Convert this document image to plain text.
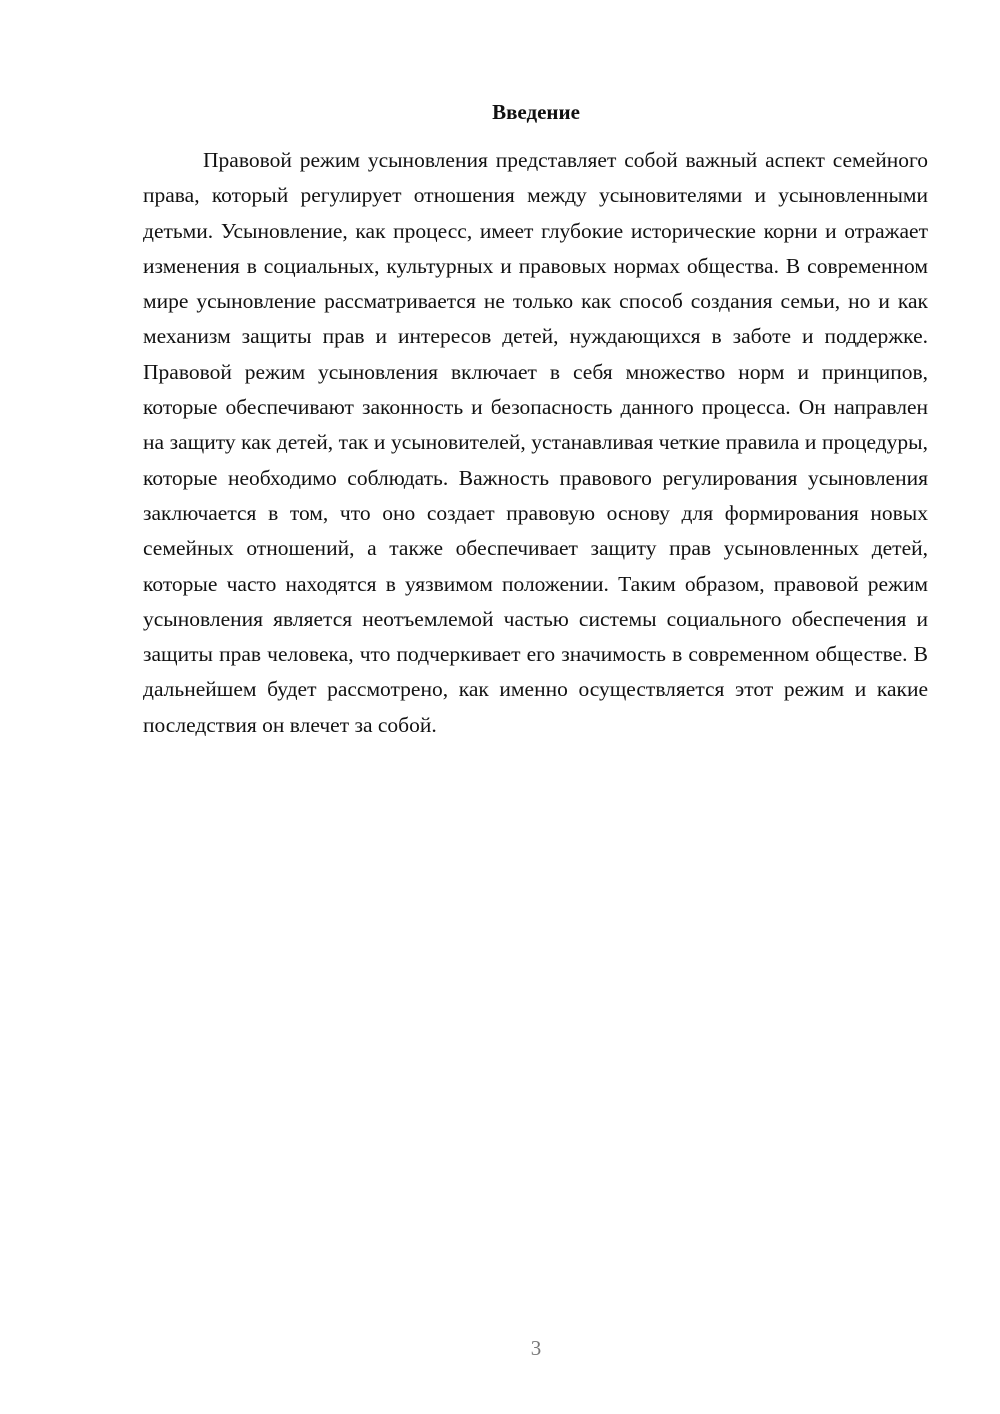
Введение

Правовой режим усыновления представляет собой важный аспект семейного права, который регулирует отношения между усыновителями и усыновленными детьми. Усыновление, как процесс, имеет глубокие исторические корни и отражает изменения в социальных, культурных и правовых нормах общества. В современном мире усыновление рассматривается не только как способ создания семьи, но и как механизм защиты прав и интересов детей, нуждающихся в заботе и поддержке. Правовой режим усыновления включает в себя множество норм и принципов, которые обеспечивают законность и безопасность данного процесса. Он направлен на защиту как детей, так и усыновителей, устанавливая четкие правила и процедуры, которые необходимо соблюдать. Важность правового регулирования усыновления заключается в том, что оно создает правовую основу для формирования новых семейных отношений, а также обеспечивает защиту прав усыновленных детей, которые часто находятся в уязвимом положении. Таким образом, правовой режим усыновления является неотъемлемой частью системы социального обеспечения и защиты прав человека, что подчеркивает его значимость в современном обществе. В дальнейшем будет рассмотрено, как именно осуществляется этот режим и какие последствия он влечет за собой.

3
